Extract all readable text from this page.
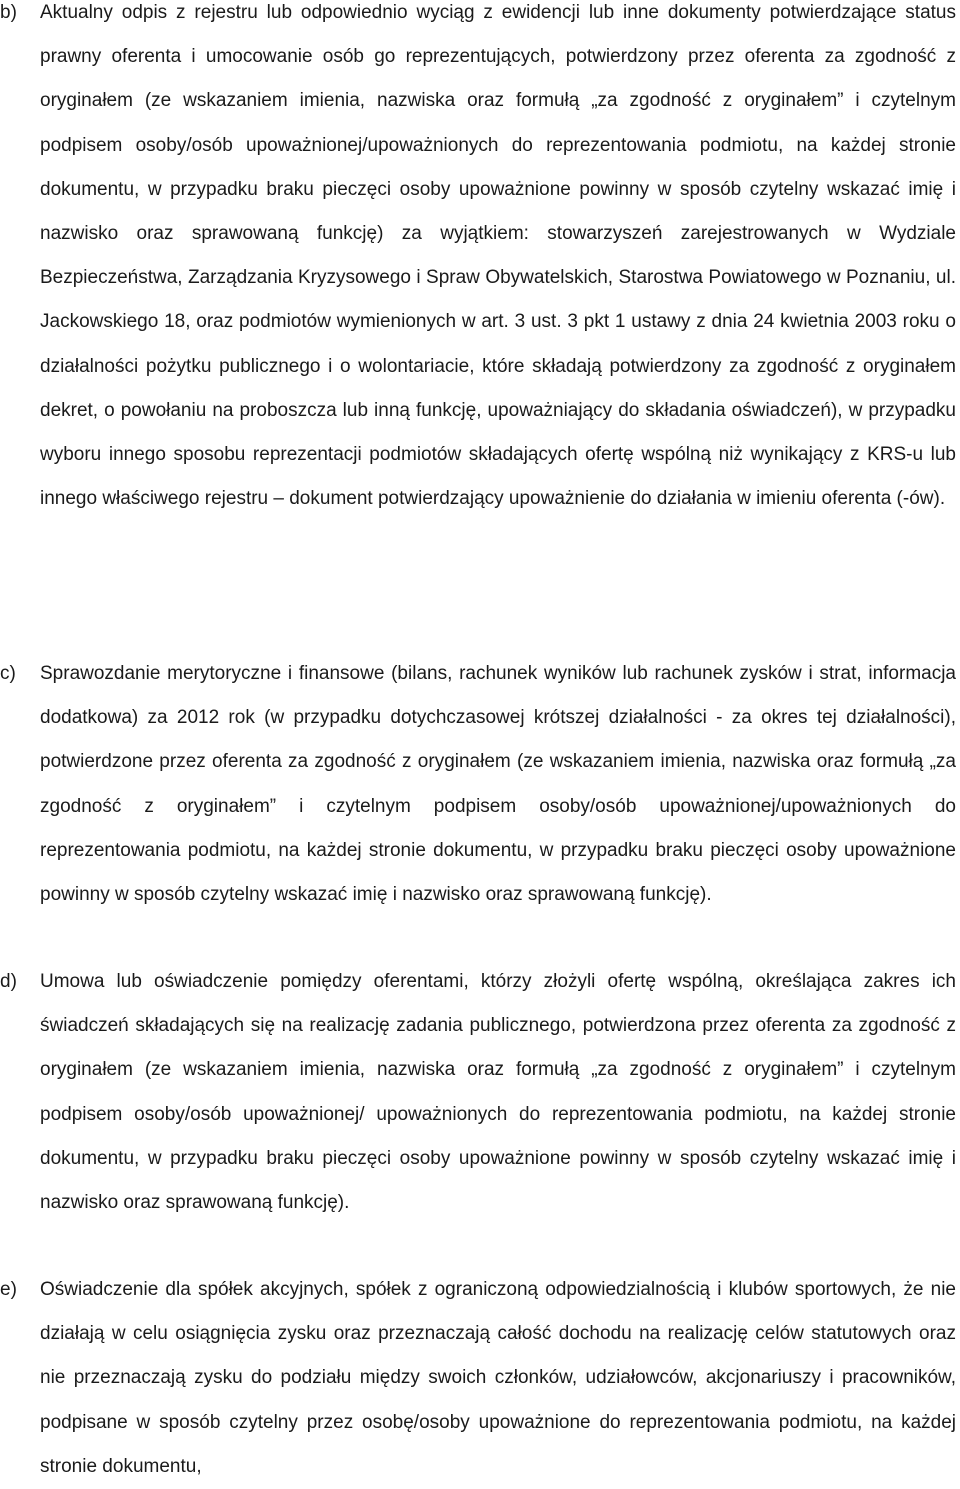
b)	Aktualny odpis z rejestru lub odpowiednio wyciąg z ewidencji lub inne dokumenty potwierdzające status prawny oferenta i umocowanie osób go reprezentujących, potwierdzony przez oferenta za zgodność z oryginałem (ze wskazaniem imienia, nazwiska oraz formułą „za zgodność z oryginałem” i czytelnym podpisem osoby/osób upoważnionej/upoważnionych do reprezentowania podmiotu, na każdej stronie dokumentu, w przypadku braku pieczęci osoby upoważnione powinny w sposób czytelny wskazać imię i nazwisko oraz sprawowaną funkcję) za wyjątkiem: stowarzyszeń zarejestrowanych w Wydziale Bezpieczeństwa, Zarządzania Kryzysowego i Spraw Obywatelskich, Starostwa Powiatowego w Poznaniu, ul. Jackowskiego 18, oraz podmiotów wymienionych w art. 3 ust. 3 pkt 1 ustawy z dnia 24 kwietnia 2003 roku o działalności pożytku publicznego i o wolontariacie, które składają potwierdzony za zgodność z oryginałem dekret, o powołaniu na proboszcza lub inną funkcję, upoważniający do składania oświadczeń), w przypadku wyboru innego sposobu reprezentacji podmiotów składających ofertę wspólną niż wynikający z KRS-u lub innego właściwego rejestru – dokument potwierdzający upoważnienie do działania w imieniu oferenta (-ów).
c)	Sprawozdanie merytoryczne i finansowe (bilans, rachunek wyników lub rachunek zysków i strat, informacja dodatkowa) za 2012 rok (w przypadku dotychczasowej krótszej działalności - za okres tej działalności), potwierdzone przez oferenta za zgodność z oryginałem (ze wskazaniem imienia, nazwiska oraz formułą „za zgodność z oryginałem” i czytelnym podpisem osoby/osób upoważnionej/upoważnionych do reprezentowania podmiotu, na każdej stronie dokumentu, w przypadku braku pieczęci osoby upoważnione powinny w sposób czytelny wskazać imię i nazwisko oraz sprawowaną funkcję).
d)	Umowa lub oświadczenie pomiędzy oferentami, którzy złożyli ofertę wspólną, określająca zakres ich świadczeń składających się na realizację zadania publicznego, potwierdzona przez oferenta za zgodność z oryginałem (ze wskazaniem imienia, nazwiska oraz formułą „za zgodność z oryginałem” i czytelnym podpisem osoby/osób upoważnionej/ upoważnionych do reprezentowania podmiotu, na każdej stronie dokumentu, w przypadku braku pieczęci osoby upoważnione powinny w sposób czytelny wskazać imię i nazwisko oraz sprawowaną funkcję).
e)	Oświadczenie dla spółek akcyjnych, spółek z ograniczoną odpowiedzialnością i klubów sportowych, że nie działają w celu osiągnięcia zysku oraz przeznaczają całość dochodu na realizację celów statutowych oraz nie przeznaczają zysku do podziału między swoich członków, udziałowców, akcjonariuszy i pracowników, podpisane w sposób czytelny przez osobę/osoby upoważnione do reprezentowania podmiotu, na każdej stronie dokumentu,
